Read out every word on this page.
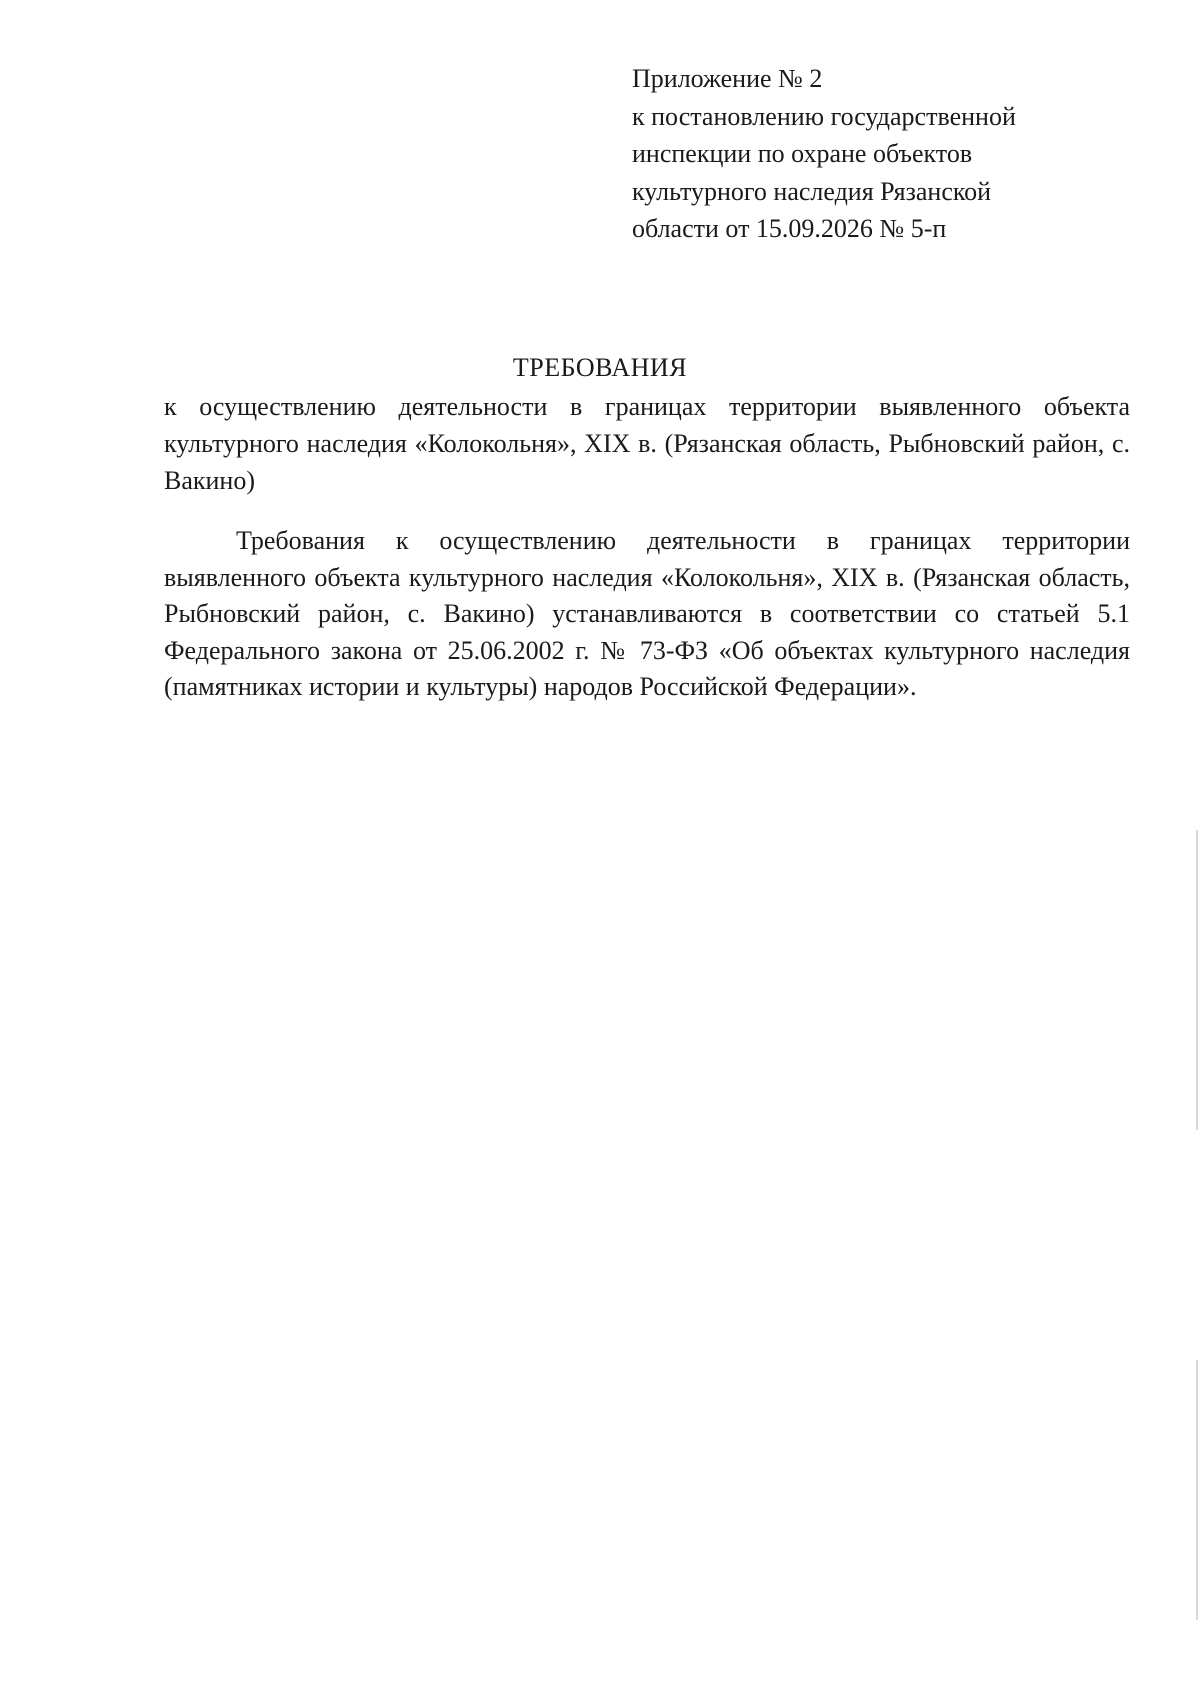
Приложение № 2
к постановлению государственной
инспекции по охране объектов
культурного наследия Рязанской
области от 15.09.2026 № 5-п
ТРЕБОВАНИЯ
к осуществлению деятельности в границах территории выявленного объекта культурного наследия «Колокольня», XIX в. (Рязанская область, Рыбновский район, с. Вакино)
Требования к осуществлению деятельности в границах территории выявленного объекта культурного наследия «Колокольня», XIX в. (Рязанская область, Рыбновский район, с. Вакино) устанавливаются в соответствии со статьей 5.1 Федерального закона от 25.06.2002 г. № 73-ФЗ «Об объектах культурного наследия (памятниках истории и культуры) народов Российской Федерации».
